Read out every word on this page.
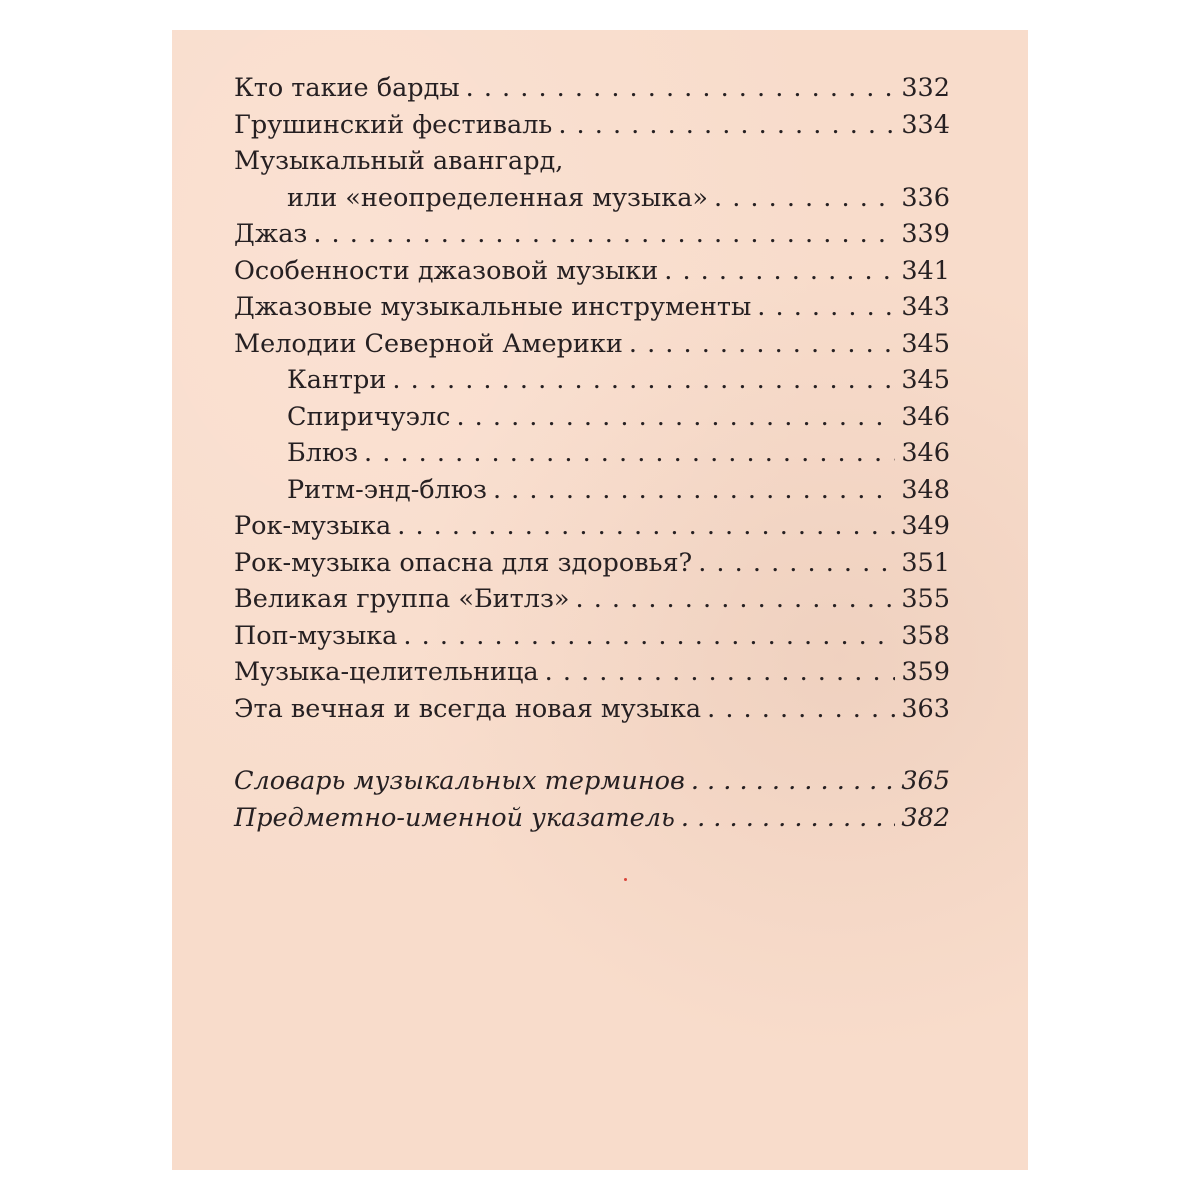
Кто такие барды . . .	332
Грушинский фестиваль . . .	334
Музыкальный авангард,
или «неопределенная музыка» . . .	336
Джаз . . .	339
Особенности джазовой музыки . . .	341
Джазовые музыкальные инструменты . . .	343
Мелодии Северной Америки . . .	345
Кантри . . .	345
Спиричуэлс . . .	346
Блюз . . .	346
Ритм-энд-блюз . . .	348
Рок-музыка . . .	349
Рок-музыка опасна для здоровья? . . .	351
Великая группа «Битлз» . . .	355
Поп-музыка . . .	358
Музыка-целительница . . .	359
Эта вечная и всегда новая музыка . . .	363
Словарь музыкальных терминов . . .	365
Предметно-именной указатель . . .	382
